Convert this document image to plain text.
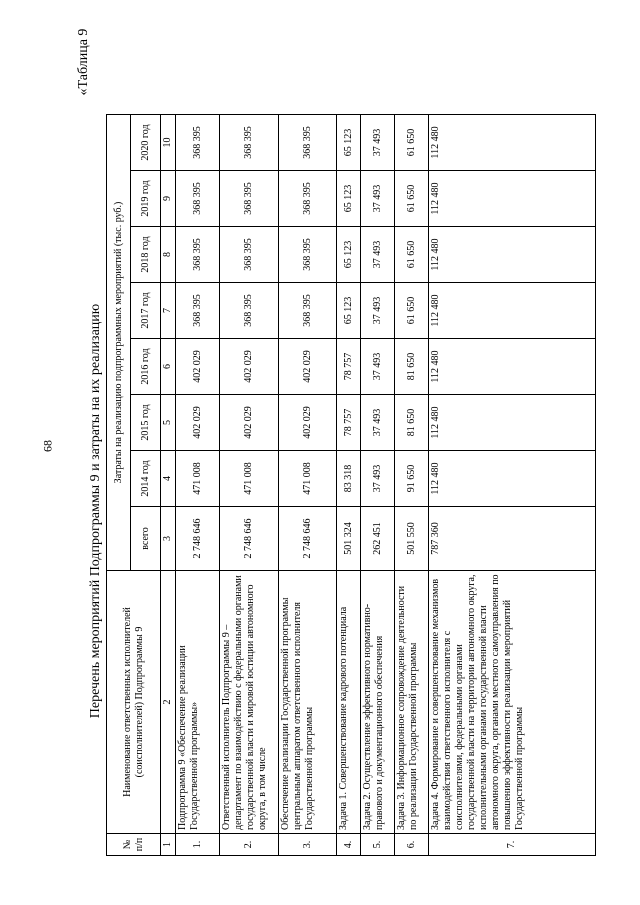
68
«Таблица 9
Перечень мероприятий Подпрограммы 9 и затраты на их реализацию
№ п/п	Наименование ответственных исполнителей (соисполнителей) Подпрограммы 9	Затраты на реализацию подпрограммных мероприятий (тыс. руб.)							
		всего	2014 год	2015 год	2016 год	2017 год	2018 год	2019 год	2020 год
1	2	3	4	5	6	7	8	9	10
1.	Подпрограмма 9 «Обеспечение реализации Государственной программы»	2 748 646	471 008	402 029	402 029	368 395	368 395	368 395	368 395
2.	Ответственный исполнитель Подпрограммы 9 – департамент по взаимодействию с федеральными органами государственной власти и мировой юстиции автономного округа, в том числе	2 748 646	471 008	402 029	402 029	368 395	368 395	368 395	368 395
3.	Обеспечение реализации Государственной программы центральным аппаратом ответственного исполнителя Государственной программы	2 748 646	471 008	402 029	402 029	368 395	368 395	368 395	368 395
4.	Задача 1. Совершенствование кадрового потенциала	501 324	83 318	78 757	78 757	65 123	65 123	65 123	65 123
5.	Задача 2. Осуществление эффективного нормативно-правового и документационного обеспечения	262 451	37 493	37 493	37 493	37 493	37 493	37 493	37 493
6.	Задача 3. Информационное сопровождение деятельности по реализации Государственной программы	501 550	91 650	81 650	81 650	61 650	61 650	61 650	61 650
7.	Задача 4. Формирование и совершенствование механизмов взаимодействия ответственного исполнителя с соисполнителями, федеральными органами государственной власти на территории автономного округа, исполнительными органами государственной власти автономного округа, органами местного самоуправления по повышению эффективности реализации мероприятий Государственной программы	787 360	112 480	112 480	112 480	112 480	112 480	112 480	112 480
